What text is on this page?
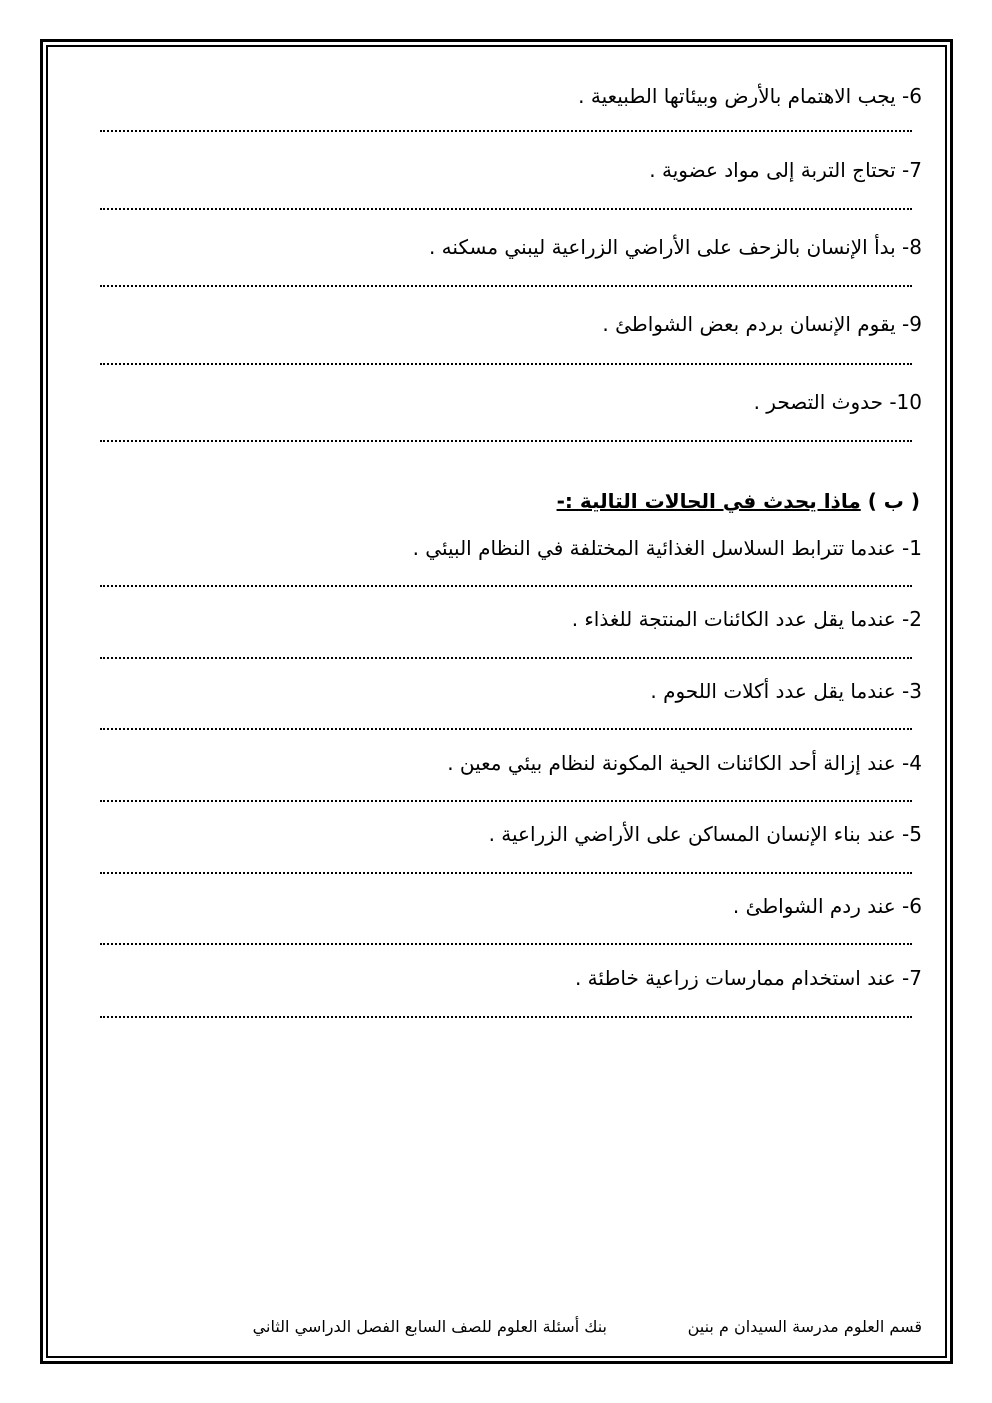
6- يجب الاهتمام بالأرض وبيئاتها الطبيعية .
7- تحتاج التربة إلى مواد عضوية .
8- بدأ الإنسان بالزحف على الأراضي الزراعية ليبني مسكنه .
9- يقوم الإنسان بردم بعض الشواطئ .
10- حدوث التصحر .
( ب ) ماذا يحدث في الحالات التالية :-
1- عندما تترابط السلاسل الغذائية المختلفة في النظام البيئي .
2- عندما يقل عدد الكائنات المنتجة للغذاء .
3- عندما يقل عدد أكلات اللحوم .
4- عند إزالة أحد الكائنات الحية المكونة لنظام بيئي معين .
5- عند بناء الإنسان المساكن على الأراضي الزراعية .
6- عند ردم الشواطئ .
7- عند استخدام ممارسات زراعية خاطئة .
قسم العلوم مدرسة السيدان م بنين
بنك أسئلة العلوم للصف السابع الفصل الدراسي الثاني
